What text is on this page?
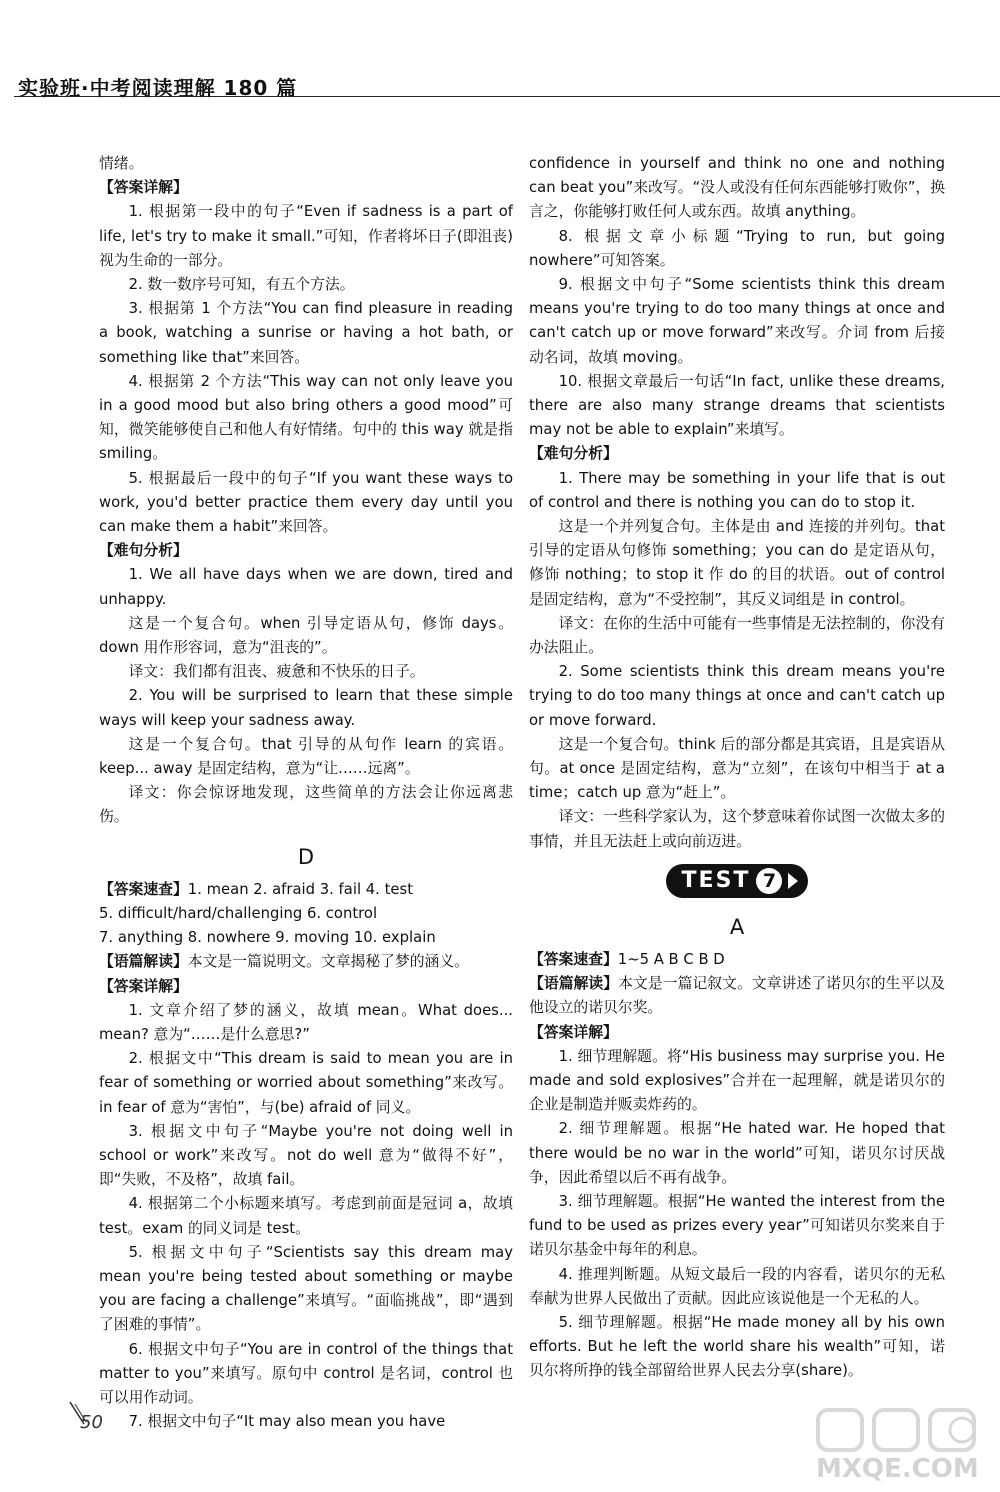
实验班·中考阅读理解 180 篇

情绪。

【答案详解】

1. 根据第一段中的句子“Even if sadness is a part of life, let's try to make it small.”可知，作者将坏日子(即沮丧)视为生命的一部分。

2. 数一数序号可知，有五个方法。

3. 根据第 1 个方法“You can find pleasure in reading a book, watching a sunrise or having a hot bath, or something like that”来回答。

4. 根据第 2 个方法“This way can not only leave you in a good mood but also bring others a good mood”可知，微笑能够使自己和他人有好情绪。句中的 this way 就是指 smiling。

5. 根据最后一段中的句子“If you want these ways to work, you'd better practice them every day until you can make them a habit”来回答。

【难句分析】

1. We all have days when we are down, tired and unhappy.

这是一个复合句。when 引导定语从句，修饰 days。down 用作形容词，意为“沮丧的”。

译文：我们都有沮丧、疲惫和不快乐的日子。

2. You will be surprised to learn that these simple ways will keep your sadness away.

这是一个复合句。that 引导的从句作 learn 的宾语。keep... away 是固定结构，意为“让……远离”。

译文：你会惊讶地发现，这些简单的方法会让你远离悲伤。

D

【答案速查】1. mean 2. afraid 3. fail 4. test

5. difficult/hard/challenging 6. control

7. anything 8. nowhere 9. moving 10. explain

【语篇解读】本文是一篇说明文。文章揭秘了梦的涵义。

【答案详解】

1. 文章介绍了梦的涵义，故填 mean。What does... mean? 意为“……是什么意思?”

2. 根据文中“This dream is said to mean you are in fear of something or worried about something”来改写。in fear of 意为“害怕”，与(be) afraid of 同义。

3. 根据文中句子“Maybe you're not doing well in school or work”来改写。not do well 意为“做得不好”，即“失败，不及格”，故填 fail。

4. 根据第二个小标题来填写。考虑到前面是冠词 a，故填 test。exam 的同义词是 test。

5. 根据文中句子“Scientists say this dream may mean you're being tested about something or maybe you are facing a challenge”来填写。“面临挑战”，即“遇到了困难的事情”。

6. 根据文中句子“You are in control of the things that matter to you”来填写。原句中 control 是名词，control 也可以用作动词。

7. 根据文中句子“It may also mean you have

confidence in yourself and think no one and nothing can beat you”来改写。“没人或没有任何东西能够打败你”，换言之，你能够打败任何人或东西。故填 anything。

8. 根据文章小标题“Trying to run, but going nowhere”可知答案。

9. 根据文中句子“Some scientists think this dream means you're trying to do too many things at once and can't catch up or move forward”来改写。介词 from 后接动名词，故填 moving。

10. 根据文章最后一句话“In fact, unlike these dreams, there are also many strange dreams that scientists may not be able to explain”来填写。

【难句分析】

1. There may be something in your life that is out of control and there is nothing you can do to stop it.

这是一个并列复合句。主体是由 and 连接的并列句。that 引导的定语从句修饰 something；you can do 是定语从句，修饰 nothing；to stop it 作 do 的目的状语。out of control 是固定结构，意为“不受控制”，其反义词组是 in control。

译文：在你的生活中可能有一些事情是无法控制的，你没有办法阻止。

2. Some scientists think this dream means you're trying to do too many things at once and can't catch up or move forward.

这是一个复合句。think 后的部分都是其宾语，且是宾语从句。at once 是固定结构，意为“立刻”，在该句中相当于 at a time；catch up 意为“赶上”。

译文：一些科学家认为，这个梦意味着你试图一次做太多的事情，并且无法赶上或向前迈进。

TEST 7

A

【答案速查】1~5 A B C B D

【语篇解读】本文是一篇记叙文。文章讲述了诺贝尔的生平以及他设立的诺贝尔奖。

【答案详解】

1. 细节理解题。将“His business may surprise you. He made and sold explosives”合并在一起理解，就是诺贝尔的企业是制造并贩卖炸药的。

2. 细节理解题。根据“He hated war. He hoped that there would be no war in the world”可知，诺贝尔讨厌战争，因此希望以后不再有战争。

3. 细节理解题。根据“He wanted the interest from the fund to be used as prizes every year”可知诺贝尔奖来自于诺贝尔基金中每年的利息。

4. 推理判断题。从短文最后一段的内容看，诺贝尔的无私奉献为世界人民做出了贡献。因此应该说他是一个无私的人。

5. 细节理解题。根据“He made money all by his own efforts. But he left the world share his wealth”可知，诺贝尔将所挣的钱全部留给世界人民去分享(share)。

50
MXQE.COM
